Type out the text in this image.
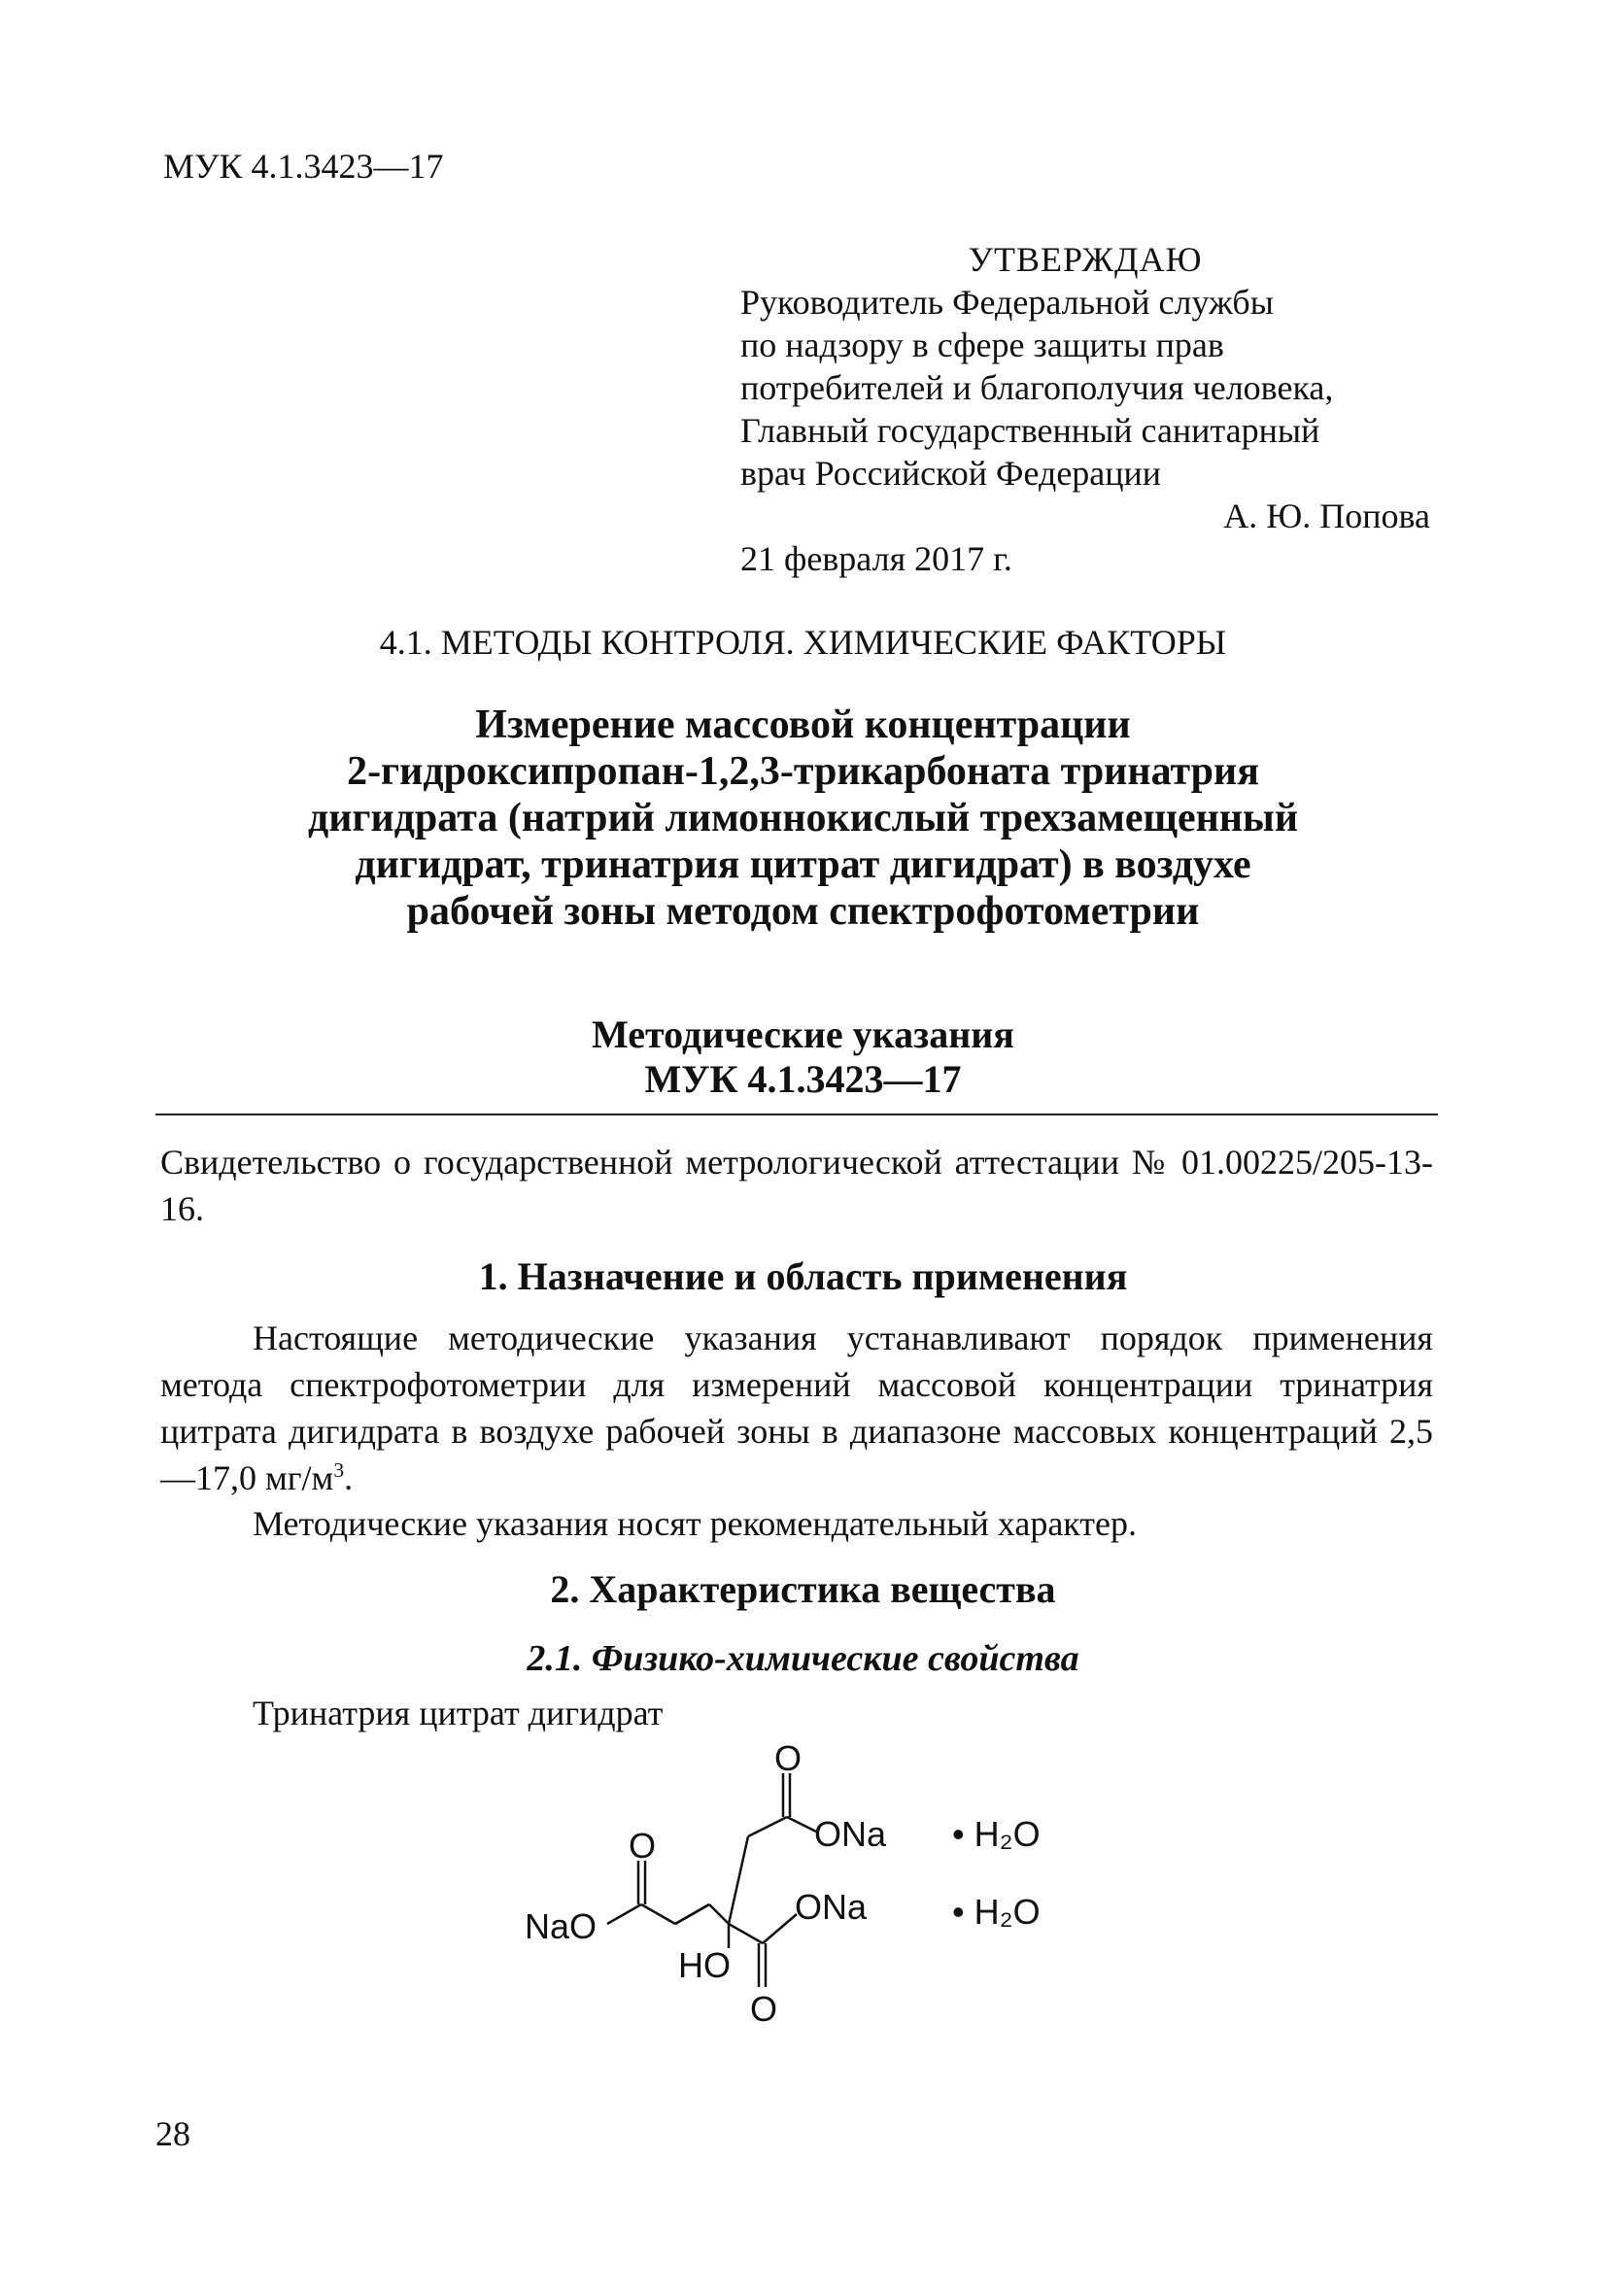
МУК 4.1.3423—17
УТВЕРЖДАЮ
Руководитель Федеральной службы
по надзору в сфере защиты прав
потребителей и благополучия человека,
Главный государственный санитарный
врач Российской Федерации
А. Ю. Попова
21 февраля 2017 г.
4.1. МЕТОДЫ КОНТРОЛЯ. ХИМИЧЕСКИЕ ФАКТОРЫ
Измерение массовой концентрации
2-гидроксипропан-1,2,3-трикарбоната тринатрия
дигидрата (натрий лимоннокислый трехзамещенный
дигидрат, тринатрия цитрат дигидрат) в воздухе
рабочей зоны методом спектрофотометрии
Методические указания
МУК 4.1.3423—17
Свидетельство о государственной метрологической аттестации № 01.00225/205-13-16.
1. Назначение и область применения
Настоящие методические указания устанавливают порядок применения метода спектрофотометрии для измерений массовой концентрации тринатрия цитрата дигидрата в воздухе рабочей зоны в диапазоне массовых концентраций 2,5—17,0 $мг/м^3$.
Методические указания носят рекомендательный характер.
2. Характеристика вещества
2.1. Физико-химические свойства
Тринатрия цитрат дигидрат
O
O	ONa
ONa
NaO
HO
O
• H₂O
• H₂O
28
